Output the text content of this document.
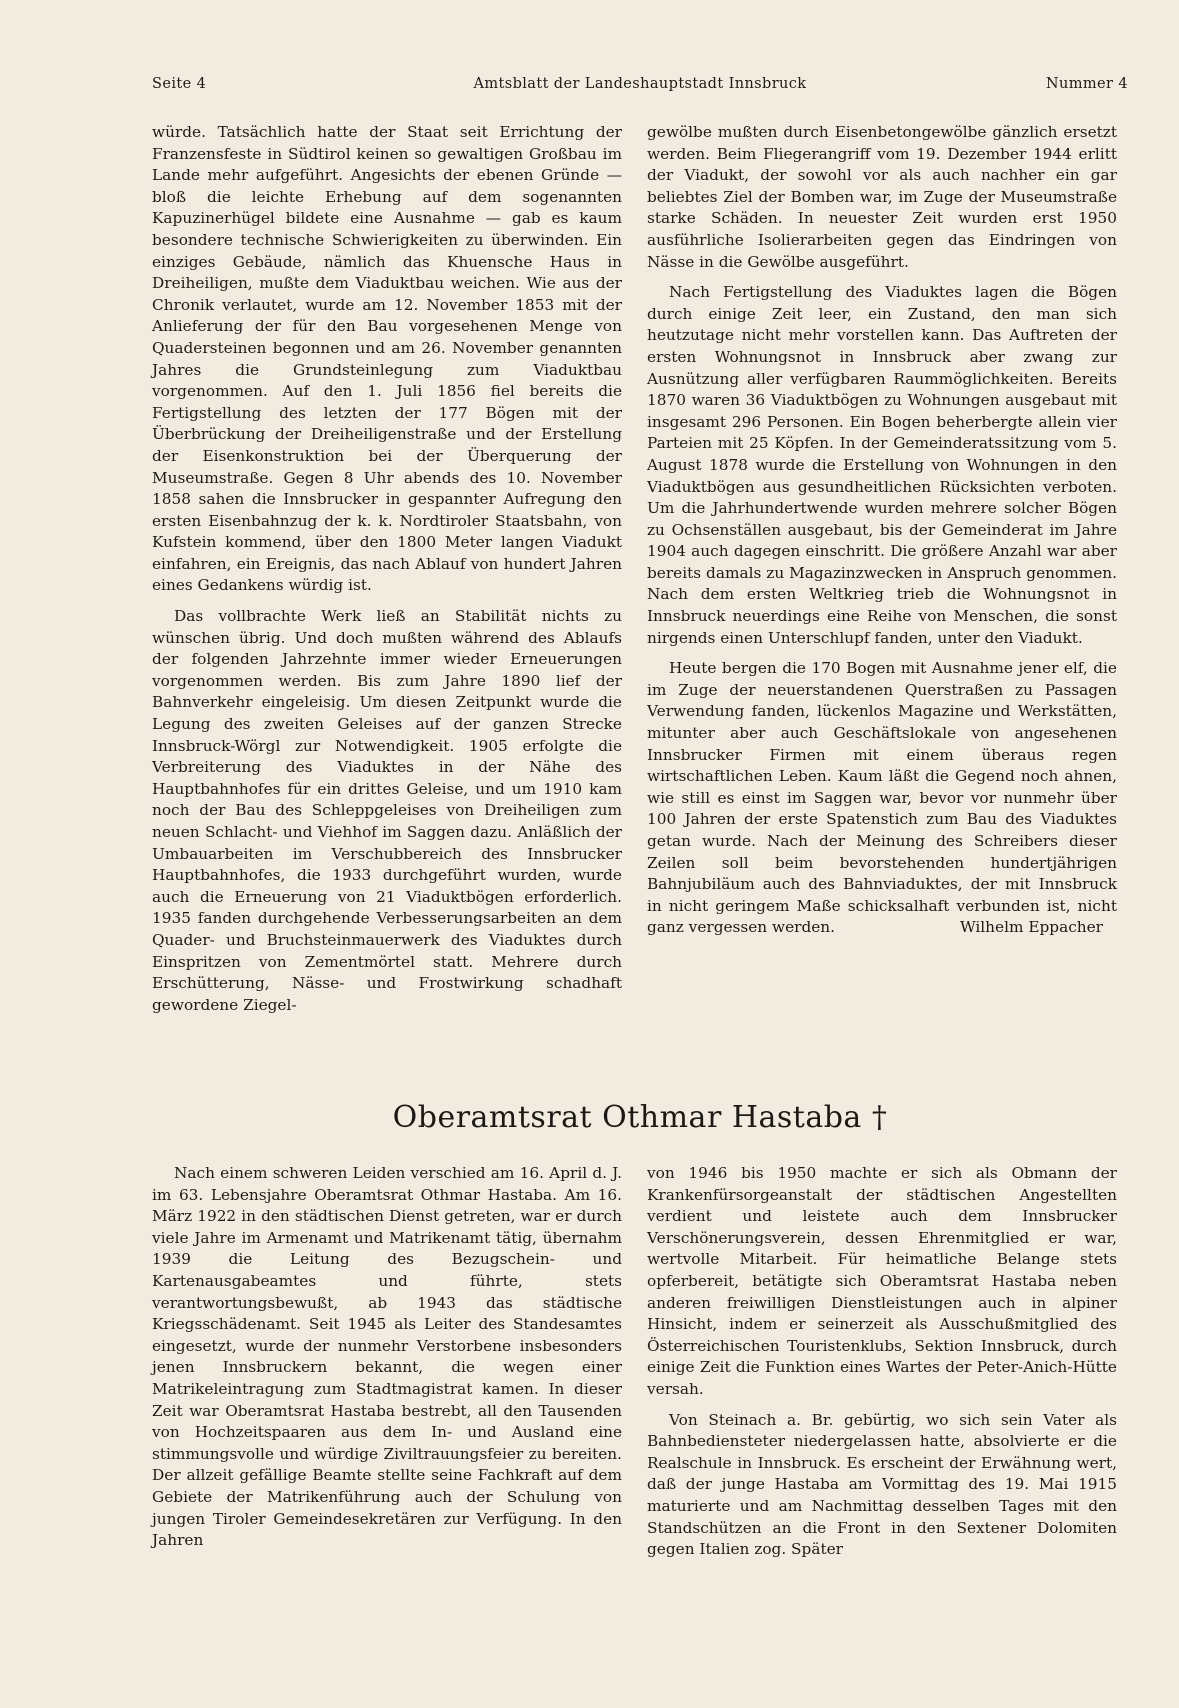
Seite 4	Amtsblatt der Landeshauptstadt Innsbruck	Nummer 4

würde. Tatsächlich hatte der Staat seit Errichtung der Franzensfeste in Südtirol keinen so gewaltigen Großbau im Lande mehr aufgeführt. Angesichts der ebenen Gründe — bloß die leichte Erhebung auf dem sogenannten Kapuzinerhügel bildete eine Ausnahme — gab es kaum besondere technische Schwierigkeiten zu überwinden. Ein einziges Gebäude, nämlich das Khuensche Haus in Dreiheiligen, mußte dem Viaduktbau weichen. Wie aus der Chronik verlautet, wurde am 12. November 1853 mit der Anlieferung der für den Bau vorgesehenen Menge von Quadersteinen begonnen und am 26. November genannten Jahres die Grundsteinlegung zum Viaduktbau vorgenommen. Auf den 1. Juli 1856 fiel bereits die Fertigstellung des letzten der 177 Bögen mit der Überbrückung der Dreiheiligenstraße und der Erstellung der Eisenkonstruktion bei der Überquerung der Museumstraße. Gegen 8 Uhr abends des 10. November 1858 sahen die Innsbrucker in gespannter Aufregung den ersten Eisenbahnzug der k. k. Nordtiroler Staatsbahn, von Kufstein kommend, über den 1800 Meter langen Viadukt einfahren, ein Ereignis, das nach Ablauf von hundert Jahren eines Gedankens würdig ist.

Das vollbrachte Werk ließ an Stabilität nichts zu wünschen übrig. Und doch mußten während des Ablaufs der folgenden Jahrzehnte immer wieder Erneuerungen vorgenommen werden. Bis zum Jahre 1890 lief der Bahnverkehr eingeleisig. Um diesen Zeitpunkt wurde die Legung des zweiten Geleises auf der ganzen Strecke Innsbruck-Wörgl zur Notwendigkeit. 1905 erfolgte die Verbreiterung des Viaduktes in der Nähe des Hauptbahnhofes für ein drittes Geleise, und um 1910 kam noch der Bau des Schleppgeleises von Dreiheiligen zum neuen Schlacht- und Viehhof im Saggen dazu. Anläßlich der Umbauarbeiten im Verschubbereich des Innsbrucker Hauptbahnhofes, die 1933 durchgeführt wurden, wurde auch die Erneuerung von 21 Viaduktbögen erforderlich. 1935 fanden durchgehende Verbesserungsarbeiten an dem Quader- und Bruchsteinmauerwerk des Viaduktes durch Einspritzen von Zementmörtel statt. Mehrere durch Erschütterung, Nässe- und Frostwirkung schadhaft gewordene Ziegel-

gewölbe mußten durch Eisenbetongewölbe gänzlich ersetzt werden. Beim Fliegerangriff vom 19. Dezember 1944 erlitt der Viadukt, der sowohl vor als auch nachher ein gar beliebtes Ziel der Bomben war, im Zuge der Museumstraße starke Schäden. In neuester Zeit wurden erst 1950 ausführliche Isolierarbeiten gegen das Eindringen von Nässe in die Gewölbe ausgeführt.

Nach Fertigstellung des Viaduktes lagen die Bögen durch einige Zeit leer, ein Zustand, den man sich heutzutage nicht mehr vorstellen kann. Das Auftreten der ersten Wohnungsnot in Innsbruck aber zwang zur Ausnützung aller verfügbaren Raummöglichkeiten. Bereits 1870 waren 36 Viaduktbögen zu Wohnungen ausgebaut mit insgesamt 296 Personen. Ein Bogen beherbergte allein vier Parteien mit 25 Köpfen. In der Gemeinderatssitzung vom 5. August 1878 wurde die Erstellung von Wohnungen in den Viaduktbögen aus gesundheitlichen Rücksichten verboten. Um die Jahrhundertwende wurden mehrere solcher Bögen zu Ochsenställen ausgebaut, bis der Gemeinderat im Jahre 1904 auch dagegen einschritt. Die größere Anzahl war aber bereits damals zu Magazinzwecken in Anspruch genommen. Nach dem ersten Weltkrieg trieb die Wohnungsnot in Innsbruck neuerdings eine Reihe von Menschen, die sonst nirgends einen Unterschlupf fanden, unter den Viadukt.

Heute bergen die 170 Bogen mit Ausnahme jener elf, die im Zuge der neuerstandenen Querstraßen zu Passagen Verwendung fanden, lückenlos Magazine und Werkstätten, mitunter aber auch Geschäftslokale von angesehenen Innsbrucker Firmen mit einem überaus regen wirtschaftlichen Leben. Kaum läßt die Gegend noch ahnen, wie still es einst im Saggen war, bevor vor nunmehr über 100 Jahren der erste Spatenstich zum Bau des Viaduktes getan wurde. Nach der Meinung des Schreibers dieser Zeilen soll beim bevorstehenden hundertjährigen Bahnjubiläum auch des Bahnviaduktes, der mit Innsbruck in nicht geringem Maße schicksalhaft verbunden ist, nicht ganz vergessen werden.	Wilhelm Eppacher

Oberamtsrat Othmar Hastaba †

Nach einem schweren Leiden verschied am 16. April d. J. im 63. Lebensjahre Oberamtsrat Othmar Hastaba. Am 16. März 1922 in den städtischen Dienst getreten, war er durch viele Jahre im Armenamt und Matrikenamt tätig, übernahm 1939 die Leitung des Bezugschein- und Kartenausgabeamtes und führte, stets verantwortungsbewußt, ab 1943 das städtische Kriegsschädenamt. Seit 1945 als Leiter des Standesamtes eingesetzt, wurde der nunmehr Verstorbene insbesonders jenen Innsbruckern bekannt, die wegen einer Matrikeleintragung zum Stadtmagistrat kamen. In dieser Zeit war Oberamtsrat Hastaba bestrebt, all den Tausenden von Hochzeitspaaren aus dem In- und Ausland eine stimmungsvolle und würdige Ziviltrauungsfeier zu bereiten. Der allzeit gefällige Beamte stellte seine Fachkraft auf dem Gebiete der Matrikenführung auch der Schulung von jungen Tiroler Gemeindesekretären zur Verfügung. In den Jahren

von 1946 bis 1950 machte er sich als Obmann der Krankenfürsorgeanstalt der städtischen Angestellten verdient und leistete auch dem Innsbrucker Verschönerungsverein, dessen Ehrenmitglied er war, wertvolle Mitarbeit. Für heimatliche Belange stets opferbereit, betätigte sich Oberamtsrat Hastaba neben anderen freiwilligen Dienstleistungen auch in alpiner Hinsicht, indem er seinerzeit als Ausschußmitglied des Österreichischen Touristenklubs, Sektion Innsbruck, durch einige Zeit die Funktion eines Wartes der Peter-Anich-Hütte versah.

Von Steinach a. Br. gebürtig, wo sich sein Vater als Bahnbediensteter niedergelassen hatte, absolvierte er die Realschule in Innsbruck. Es erscheint der Erwähnung wert, daß der junge Hastaba am Vormittag des 19. Mai 1915 maturierte und am Nachmittag desselben Tages mit den Standschützen an die Front in den Sextener Dolomiten gegen Italien zog. Später
